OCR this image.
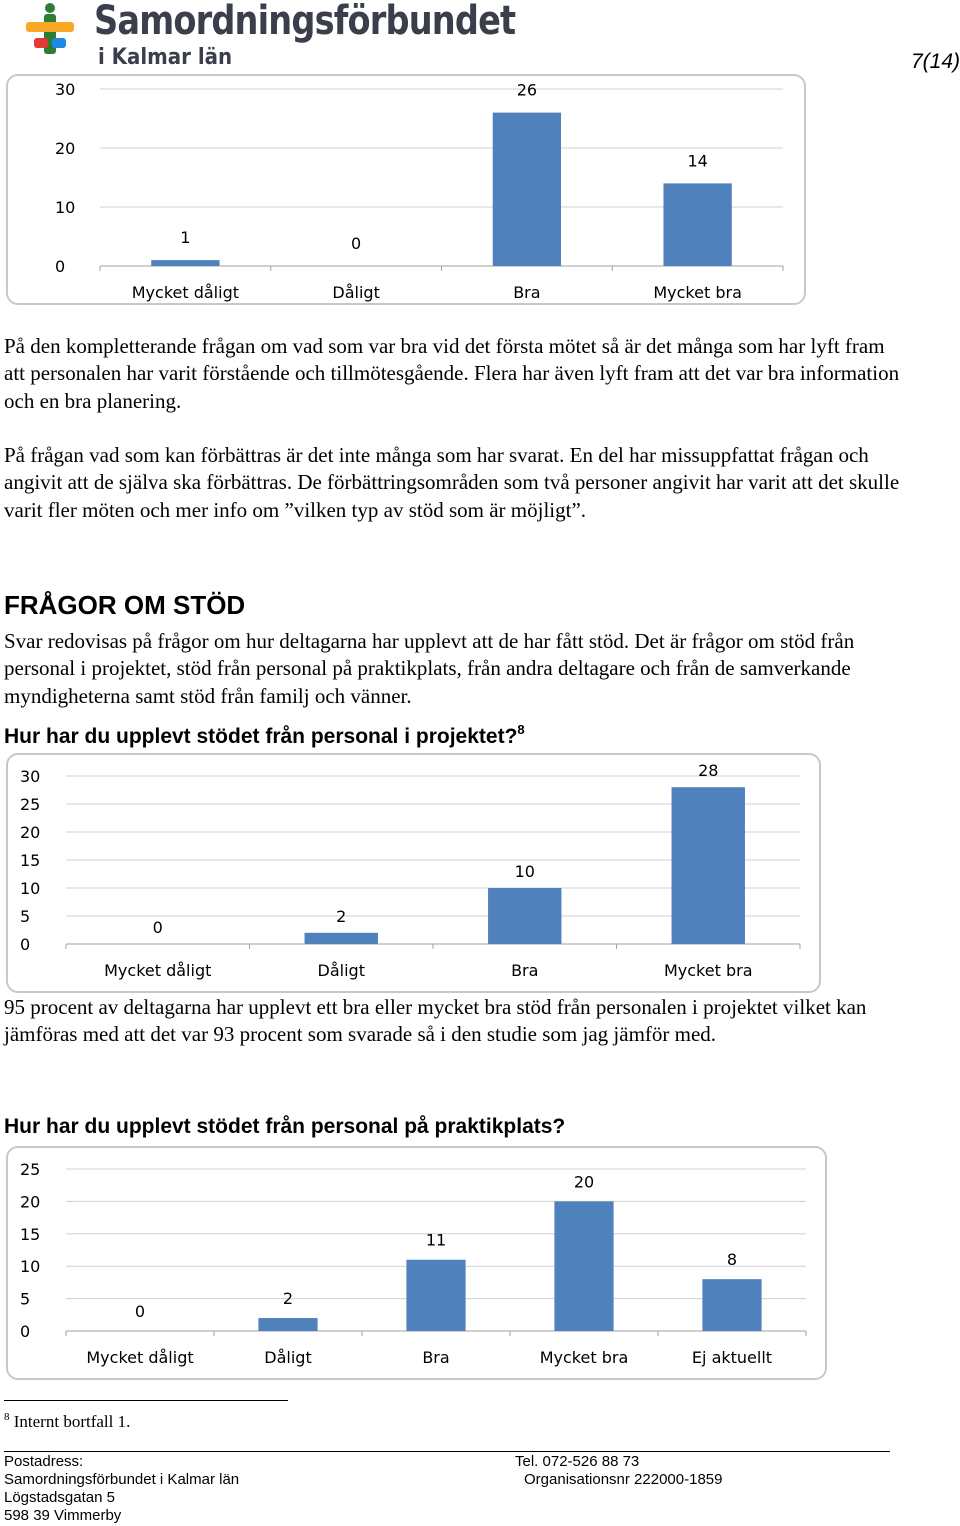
Samordningsförbundet
i Kalmar län	7(14)
0
10
20
30
1
Mycket dåligt
0
Dåligt
26
Bra
14
Mycket bra
På den kompletterande frågan om vad som var bra vid det första mötet så är det många som har lyft fram att personalen har varit förstående och tillmötesgående. Flera har även lyft fram att det var bra information och en bra planering.
På frågan vad som kan förbättras är det inte många som har svarat. En del har missuppfattat frågan och angivit att de själva ska förbättras. De förbättringsområden som två personer angivit har varit att det skulle varit fler möten och mer info om ”vilken typ av stöd som är möjligt”.
FRÅGOR OM STÖD
Svar redovisas på frågor om hur deltagarna har upplevt att de har fått stöd. Det är frågor om stöd från personal i projektet, stöd från personal på praktikplats, från andra deltagare och från de samverkande myndigheterna samt stöd från familj och vänner.
Hur har du upplevt stödet från personal i projektet?$^8$
0
5
10
15
20
25
30
0
Mycket dåligt
2
Dåligt
10
Bra
28
Mycket bra
95 procent av deltagarna har upplevt ett bra eller mycket bra stöd från personalen i projektet vilket kan jämföras med att det var 93 procent som svarade så i den studie som jag jämför med.
Hur har du upplevt stödet från personal på praktikplats?
0
5
10
15
20
25
0
Mycket dåligt
2
Dåligt
11
Bra
20
Mycket bra
8
Ej aktuellt
$^8$ Internt bortfall 1.
Postadress:
Samordningsförbundet i Kalmar län
Lögstadsgatan 5
598 39 Vimmerby
Tel. 072-526 88 73
Organisationsnr 222000-1859
